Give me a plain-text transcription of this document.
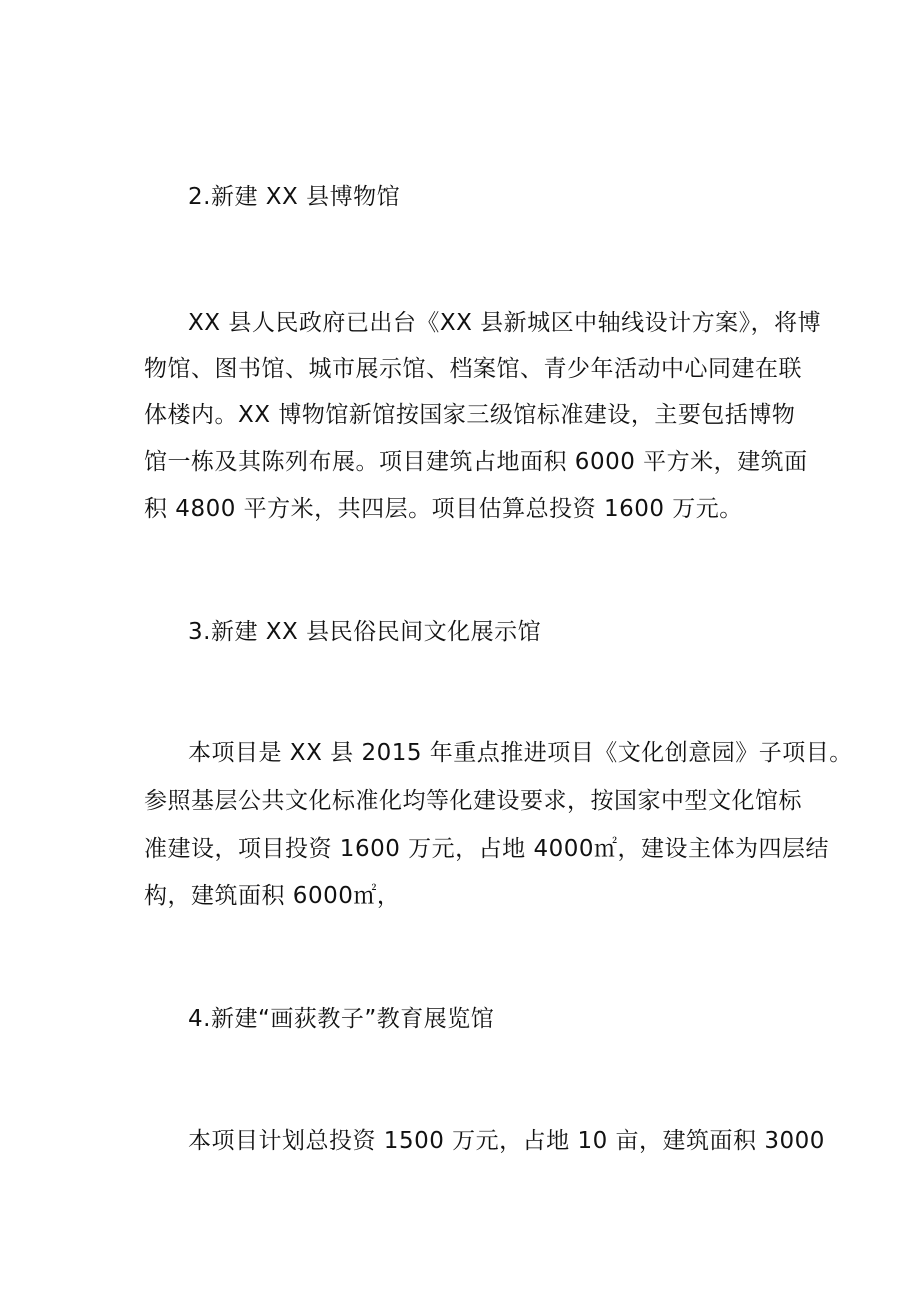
2.新建 XX 县博物馆
XX 县人民政府已出台《XX 县新城区中轴线设计方案》，将博
物馆、图书馆、城市展示馆、档案馆、青少年活动中心同建在联
体楼内。XX 博物馆新馆按国家三级馆标准建设，主要包括博物
馆一栋及其陈列布展。项目建筑占地面积 6000 平方米，建筑面
积 4800 平方米，共四层。项目估算总投资 1600 万元。
3.新建 XX 县民俗民间文化展示馆
本项目是 XX 县 2015 年重点推进项目《文化创意园》子项目。
参照基层公共文化标准化均等化建设要求，按国家中型文化馆标
准建设，项目投资 1600 万元，占地 4000㎡，建设主体为四层结
构，建筑面积 6000㎡，
4.新建“画荻教子”教育展览馆
本项目计划总投资 1500 万元，占地 10 亩，建筑面积 3000
